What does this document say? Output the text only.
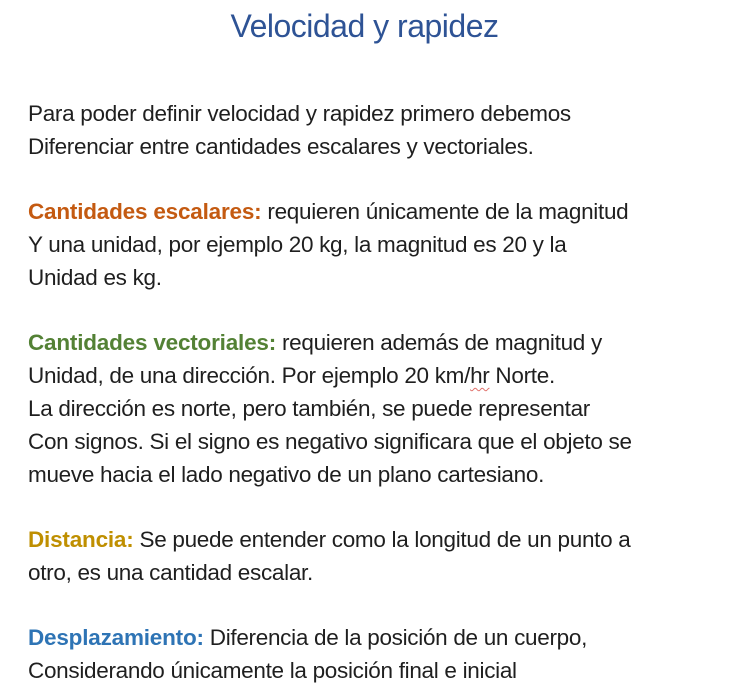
Velocidad y rapidez

Para poder definir velocidad y rapidez primero debemos
Diferenciar entre cantidades escalares y vectoriales.

Cantidades escalares: requieren únicamente de la magnitud
Y una unidad, por ejemplo 20 kg, la magnitud es 20 y la
Unidad es kg.

Cantidades vectoriales: requieren además de magnitud y
Unidad, de una dirección. Por ejemplo 20 km/hr Norte.
La dirección es norte, pero también, se puede representar
Con signos. Si el signo es negativo significara que el objeto se
mueve hacia el lado negativo de un plano cartesiano.

Distancia: Se puede entender como la longitud de un punto a
otro, es una cantidad escalar.

Desplazamiento: Diferencia de la posición de un cuerpo,
Considerando únicamente la posición final e inicial
